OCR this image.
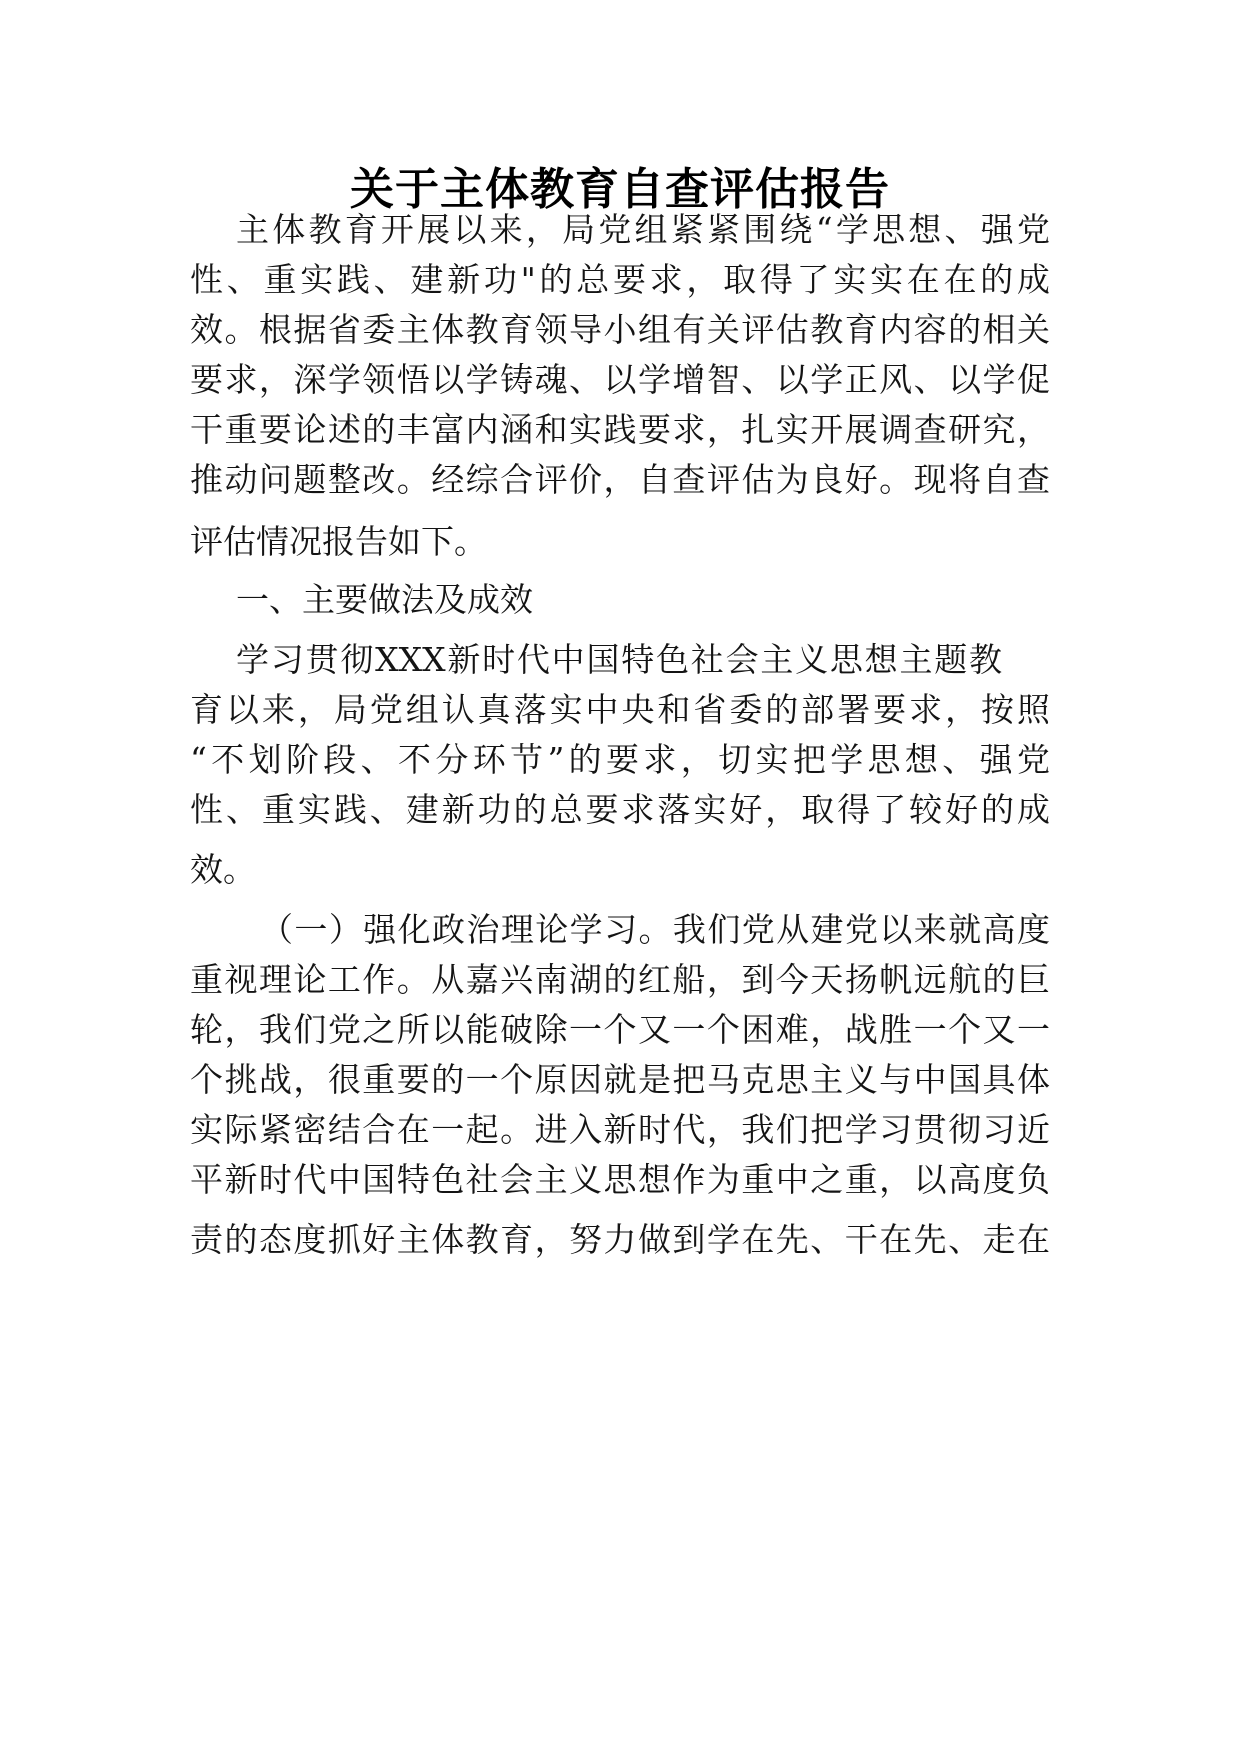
关于主体教育自查评估报告
主体教育开展以来，局党组紧紧围绕“学思想、强党
性、重实践、建新功"的总要求，取得了实实在在的成
效。根据省委主体教育领导小组有关评估教育内容的相关
要求，深学领悟以学铸魂、以学增智、以学正风、以学促
干重要论述的丰富内涵和实践要求，扎实开展调查研究，
推动问题整改。经综合评价，自查评估为良好。现将自查
评估情况报告如下。
一、主要做法及成效
学习贯彻XXX新时代中国特色社会主义思想主题教
育以来，局党组认真落实中央和省委的部署要求，按照
“不划阶段、不分环节”的要求，切实把学思想、强党
性、重实践、建新功的总要求落实好，取得了较好的成
效。
（一）强化政治理论学习。我们党从建党以来就高度
重视理论工作。从嘉兴南湖的红船，到今天扬帆远航的巨
轮，我们党之所以能破除一个又一个困难，战胜一个又一
个挑战，很重要的一个原因就是把马克思主义与中国具体
实际紧密结合在一起。进入新时代，我们把学习贯彻习近
平新时代中国特色社会主义思想作为重中之重，以高度负
责的态度抓好主体教育，努力做到学在先、干在先、走在
